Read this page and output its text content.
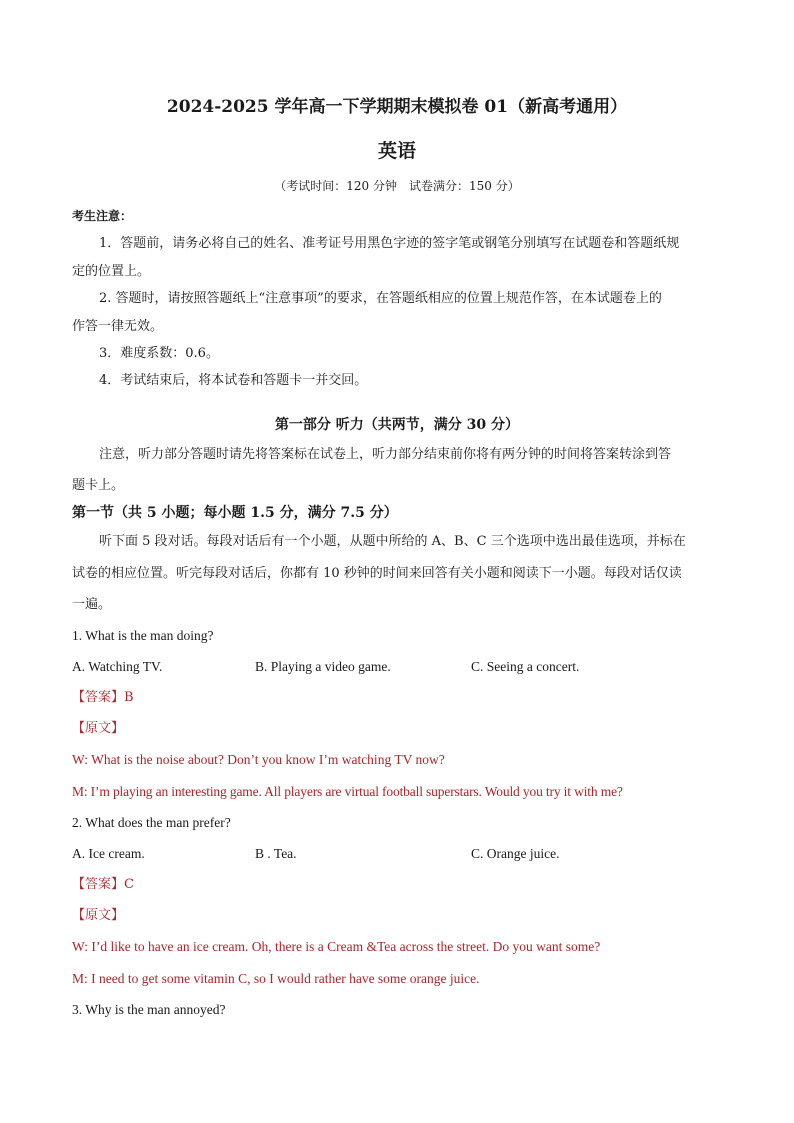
2024-2025 学年高一下学期期末模拟卷 01（新高考通用）
英语
（考试时间：120 分钟　试卷满分：150 分）
考生注意：
1．答题前，请务必将自己的姓名、准考证号用黑色字迹的签字笔或钢笔分别填写在试题卷和答题纸规
定的位置上。
2. 答题时，请按照答题纸上“注意事项”的要求，在答题纸相应的位置上规范作答，在本试题卷上的
作答一律无效。
3．难度系数：0.6。
4．考试结束后，将本试卷和答题卡一并交回。
第一部分 听力（共两节，满分 30 分）
注意，听力部分答题时请先将答案标在试卷上，听力部分结束前你将有两分钟的时间将答案转涂到答
题卡上。
第一节（共 5 小题；每小题 1.5 分，满分 7.5 分）
听下面 5 段对话。每段对话后有一个小题，从题中所给的 A、B、C 三个选项中选出最佳选项，并标在
试卷的相应位置。听完每段对话后，你都有 10 秒钟的时间来回答有关小题和阅读下一小题。每段对话仅读
一遍。
1. What is the man doing?
A. Watching TV.	B. Playing a video game.	C. Seeing a concert.
【答案】B
【原文】
W: What is the noise about? Don’t you know I’m watching TV now?
M: I’m playing an interesting game. All players are virtual football superstars. Would you try it with me?
2. What does the man prefer?
A. Ice cream.	B . Tea.	C. Orange juice.
【答案】C
【原文】
W: I’d like to have an ice cream. Oh, there is a Cream &Tea across the street. Do you want some?
M: I need to get some vitamin C, so I would rather have some orange juice.
3. Why is the man annoyed?
